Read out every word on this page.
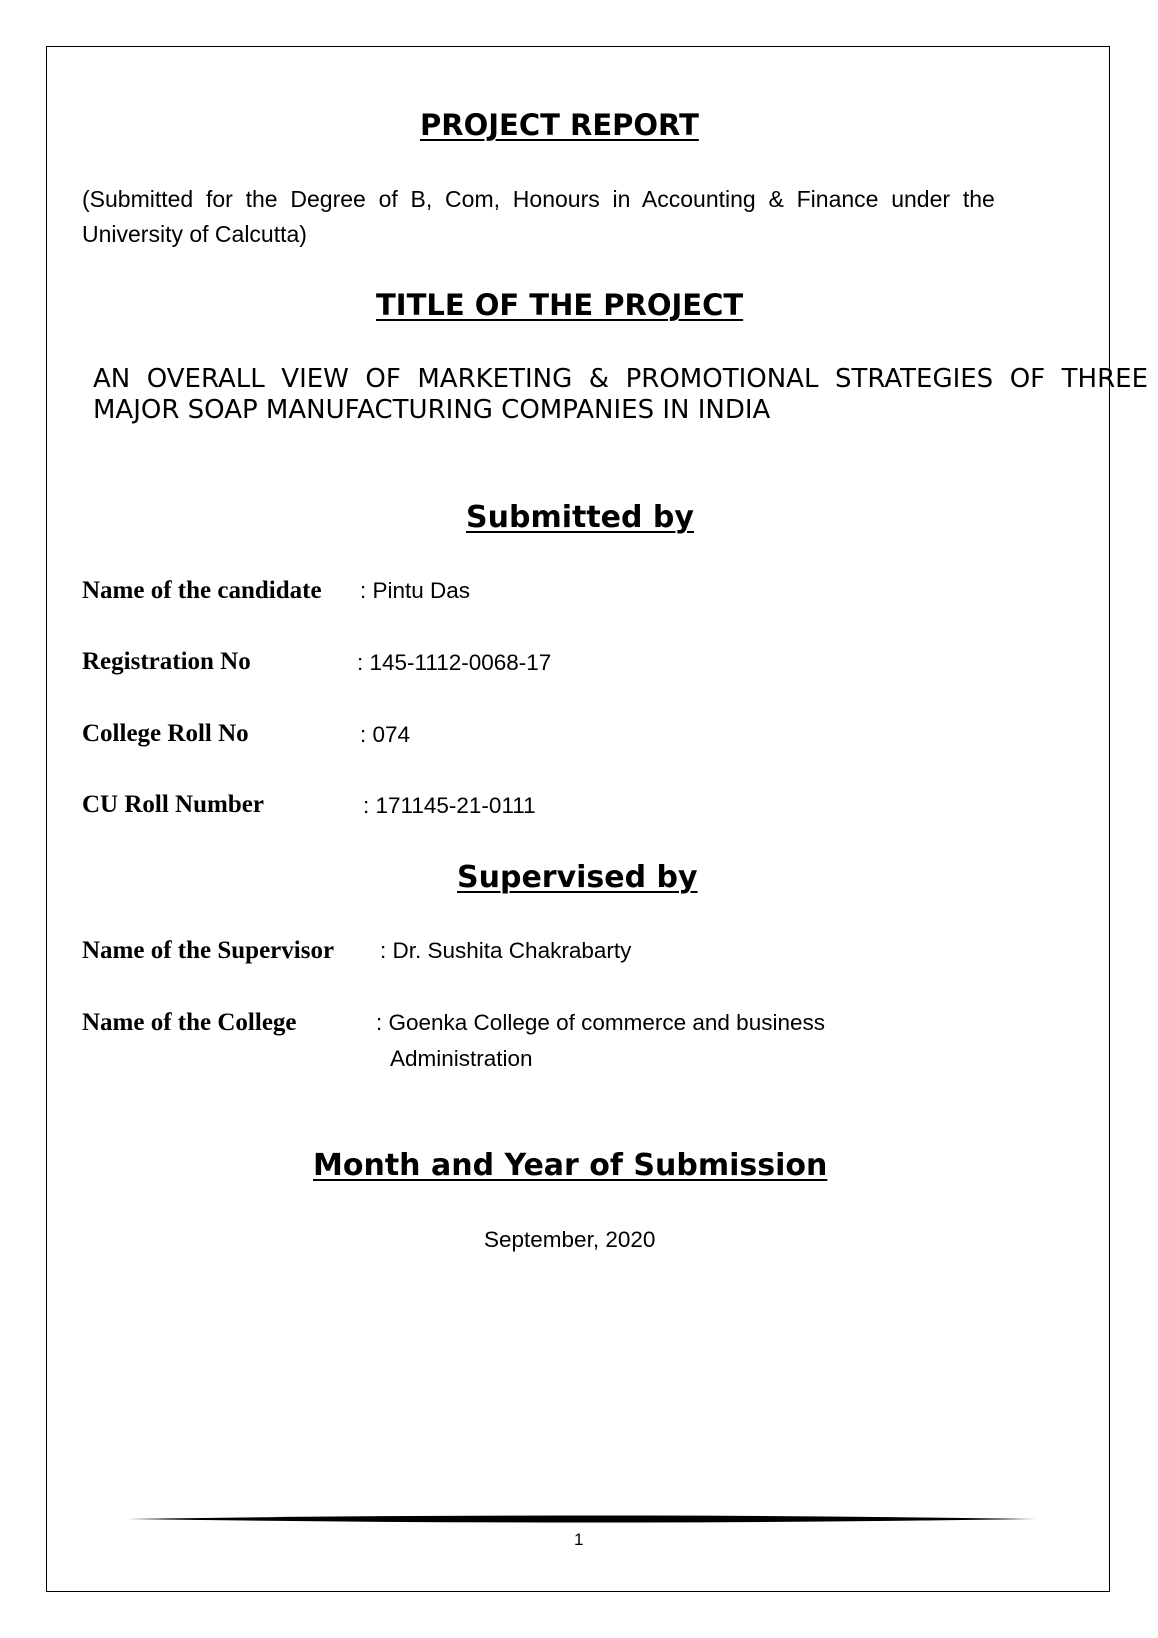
PROJECT REPORT

(Submitted  for  the  Degree  of  B,  Com,  Honours  in  Accounting  &  Finance  under  the

University of Calcutta)

TITLE OF THE PROJECT

AN  OVERALL  VIEW  OF  MARKETING  &  PROMOTIONAL  STRATEGIES  OF  THREE

MAJOR SOAP MANUFACTURING COMPANIES IN INDIA

Submitted by
Name of the candidate : Pintu Das
Registration No	: 145-1112-0068-17
College Roll No	: 074
CU Roll Number	: 171145-21-0111
Supervised by
Name of the Supervisor : Dr. Sushita Chakrabarty
Name of the College	: Goenka College of commerce and business
Administration
Month and Year of Submission
September, 2020
1
